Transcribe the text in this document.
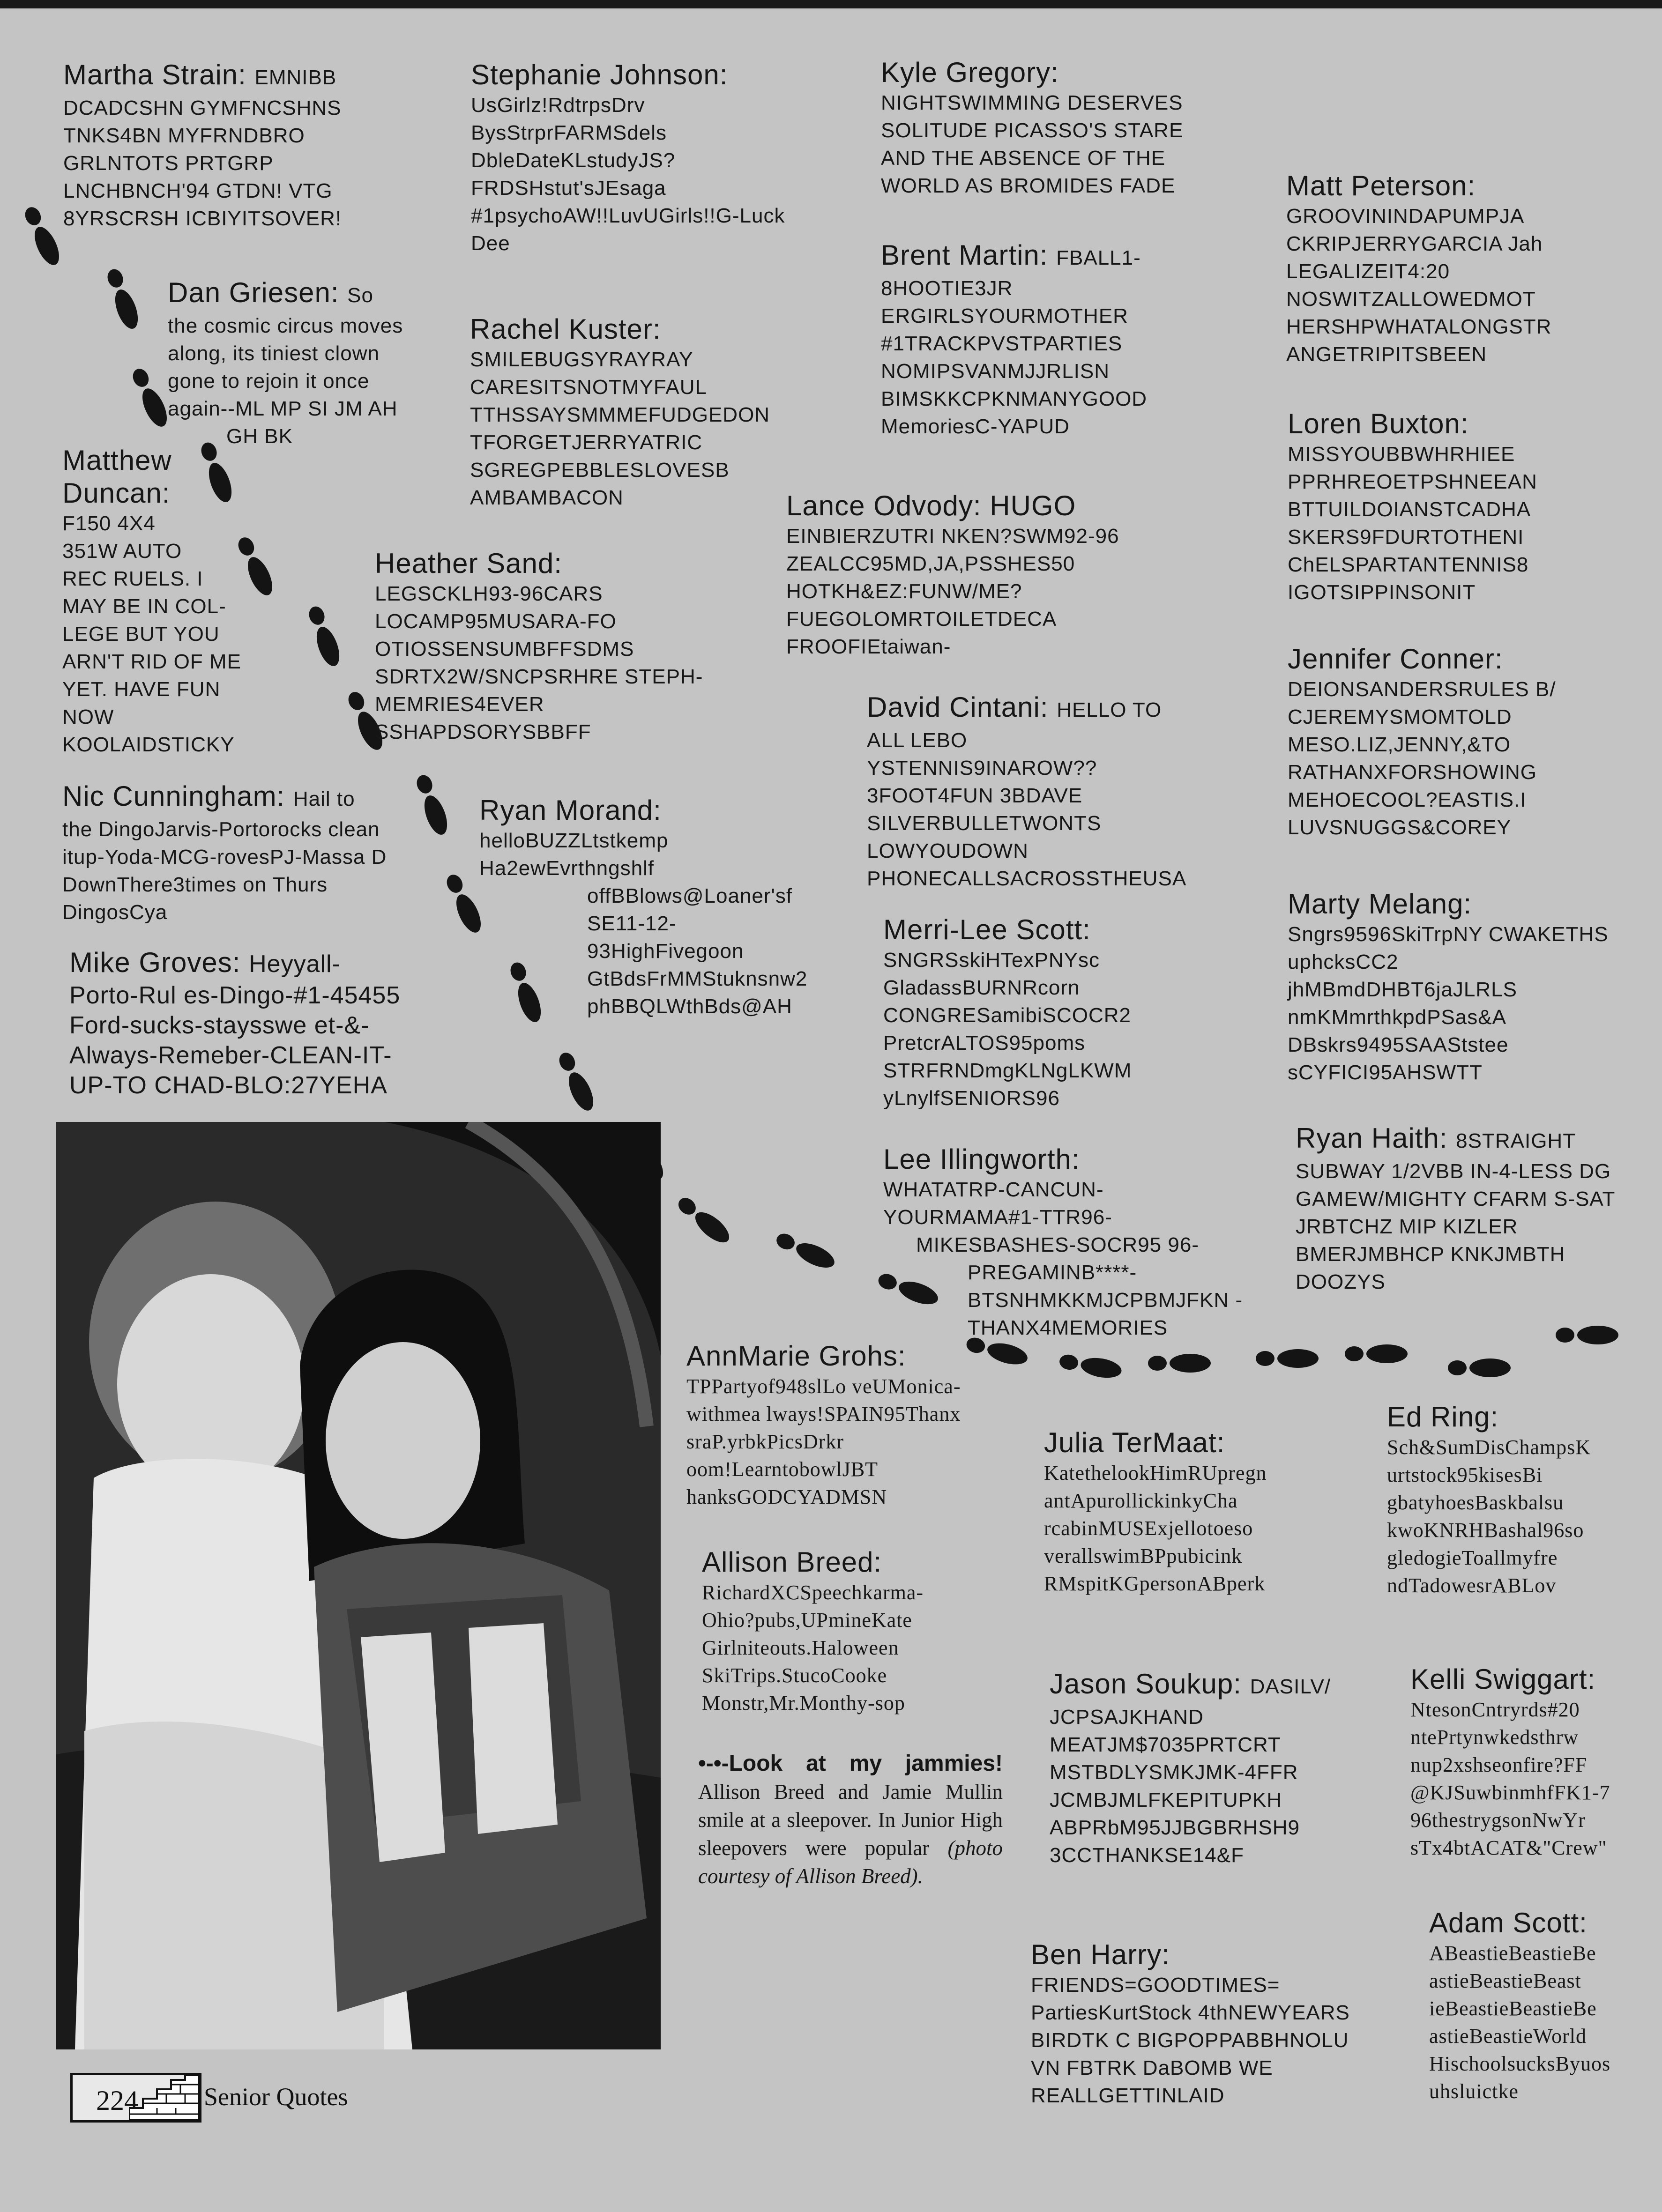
Martha Strain: EMNIBB
DCADCSHN GYMFNCSHNS
TNKS4BN MYFRNDBRO
GRLNTOTS PRTGRP
LNCHBNCH'94 GTDN! VTG
8YRSCRSH ICBIYITSOVER!
Dan Griesen: So
the cosmic circus moves
along, its tiniest clown
gone to rejoin it once
again--ML MP SI JM AH
GH BK
Matthew
Duncan:
F150 4X4
351W AUTO
REC RUELS. I
MAY BE IN COL-
LEGE BUT YOU
ARN'T RID OF ME
YET. HAVE FUN
NOW
KOOLAIDSTICKY
Nic Cunningham: Hail to
the DingoJarvis-Portorocks clean
itup-Yoda-MCG-rovesPJ-Massa D
DownThere3times on Thurs
DingosCya
Mike Groves: Heyyall-
Porto-Rul es-Dingo-#1-45455
Ford-sucks-staysswe et-&-
Always-Remeber-CLEAN-IT-
UP-TO CHAD-BLO:27YEHA
Stephanie Johnson:
UsGirlz!RdtrpsDrv
BysStrprFARMSdels
DbleDateKLstudyJS?
FRDSHstut'sJEsaga
#1psychoAW!!LuvUGirls!!G-Luck
Dee
Rachel Kuster:
SMILEBUGSYRAYRAY
CARESITSNOTMYFAUL
TTHSSAYSMMMEFUDGEDON
TFORGETJERRYATRIC
SGREGPEBBLESLOVESB
AMBAMBACON
Heather Sand:
LEGSCKLH93-96CARS
LOCAMP95MUSARA-FO
OTIOSSENSUMBFFSDMS
SDRTX2W/SNCPSRHRE STEPH-
MEMRIES4EVER
SSHAPDSORYSBBFF
Ryan Morand:
helloBUZZLtstkemp
Ha2ewEvrthngshlf
offBBlows@Loaner'sf
SE11-12-
93HighFivegoon
GtBdsFrMMStuknsnw2
phBBQLWthBds@AH
Kyle Gregory:
NIGHTSWIMMING DESERVES
SOLITUDE PICASSO'S STARE
AND THE ABSENCE OF THE
WORLD AS BROMIDES FADE
Brent Martin: FBALL1-
8HOOTIE3JR
ERGIRLSYOURMOTHER
#1TRACKPVSTPARTIES
NOMIPSVANMJJRLISN
BIMSKKCPKNMANYGOOD
MemoriesC-YAPUD
Lance Odvody: HUGO
EINBIERZUTRI NKEN?SWM92-96
ZEALCC95MD,JA,PSSHES50
HOTKH&EZ:FUNW/ME?
FUEGOLOMRTOILETDECA
FROOFIEtaiwan-
David Cintani: HELLO TO
ALL LEBO
YSTENNIS9INAROW??
3FOOT4FUN 3BDAVE
SILVERBULLETWONTS
LOWYOUDOWN
PHONECALLSACROSSTHEUSA
Merri-Lee Scott:
SNGRSskiHTexPNYsc
GladassBURNRcorn
CONGRESamibiSCOCR2
PretcrALTOS95poms
STRFRNDmgKLNgLKWM
yLnylfSENIORS96
Lee Illingworth:
WHATATRP-CANCUN-
YOURMAMA#1-TTR96-
MIKESBASHES-SOCR95 96-
PREGAMINB****-
BTSNHMKKMJCPBMJFKN -
THANX4MEMORIES
Matt Peterson:
GROOVININDAPUMPJA
CKRIPJERRYGARCIA Jah
LEGALIZEIT4:20
NOSWITZALLOWEDMOT
HERSHPWHATALONGSTR
ANGETRIPITSBEEN
Loren Buxton:
MISSYOUBBWHRHIEE
PPRHREOETPSHNEEAN
BTTUILDOIANSTCADHA
SKERS9FDURTOTHENI
ChELSPARTANTENNIS8
IGOTSIPPINSONIT
Jennifer Conner:
DEIONSANDERSRULES B/
CJEREMYSMOMTOLD
MESO.LIZ,JENNY,&TO
RATHANXFORSHOWING
MEHOECOOL?EASTIS.I
LUVSNUGGS&COREY
Marty Melang:
Sngrs9596SkiTrpNY CWAKETHS
uphcksCC2
jhMBmdDHBT6jaJLRLS
nmKMmrthkpdPSas&A
DBskrs9495SAAStstee
sCYFICI95AHSWTT
Ryan Haith: 8STRAIGHT
SUBWAY 1/2VBB IN-4-LESS DG
GAMEW/MIGHTY CFARM S-SAT
JRBTCHZ MIP KIZLER
BMERJMBHCP KNKJMBTH
DOOZYS
AnnMarie Grohs:
TPPartyof948slLo veUMonica-
withmea lways!SPAIN95Thanx
sraP.yrbkPicsDrkr
oom!LearntobowlJBT
hanksGODCYADMSN
Allison Breed:
RichardXCSpeechkarma-
Ohio?pubs,UPmineKate
Girlniteouts.Haloween
SkiTrips.StucoCooke
Monstr,Mr.Monthy-sop
Julia TerMaat:
KatethelookHimRUpregn
antApurollickinkyCha
rcabinMUSExjellotoeso
verallswimBPpubicink
RMspitKGpersonABperk
Jason Soukup: DASILV/
JCPSAJKHAND
MEATJM$7035PRTCRT
MSTBDLYSMKJMK-4FFR
JCMBJMLFKEPITUPKH
ABPRbM95JJBGBRHSH9
3CCTHANKSE14&F
Ben Harry:
FRIENDS=GOODTIMES=
PartiesKurtStock 4thNEWYEARS
BIRDTK C BIGPOPPABBHNOLU
VN FBTRK DaBOMB WE
REALLGETTINLAID
Ed Ring:
Sch&SumDisChampsK
urtstock95kisesBi
gbatyhoesBaskbalsu
kwoKNRHBashal96so
gledogieToallmyfre
ndTadowesrABLov
Kelli Swiggart:
NtesonCntryrds#20
ntePrtynwkedsthrw
nup2xshseonfire?FF
@KJSuwbinmhfFK1-7
96thestrygsonNwYr
sTx4btACAT&"Crew"
Adam Scott:
ABeastieBeastieBe
astieBeastieBeast
ieBeastieBeastieBe
astieBeastieWorld
HischoolsucksByuos
uhsluictke
•-•-Look at my jammies! Allison Breed and Jamie Mullin smile at a sleepover. In Junior High sleepovers were popular (photo courtesy of Allison Breed).
224	Senior Quotes
